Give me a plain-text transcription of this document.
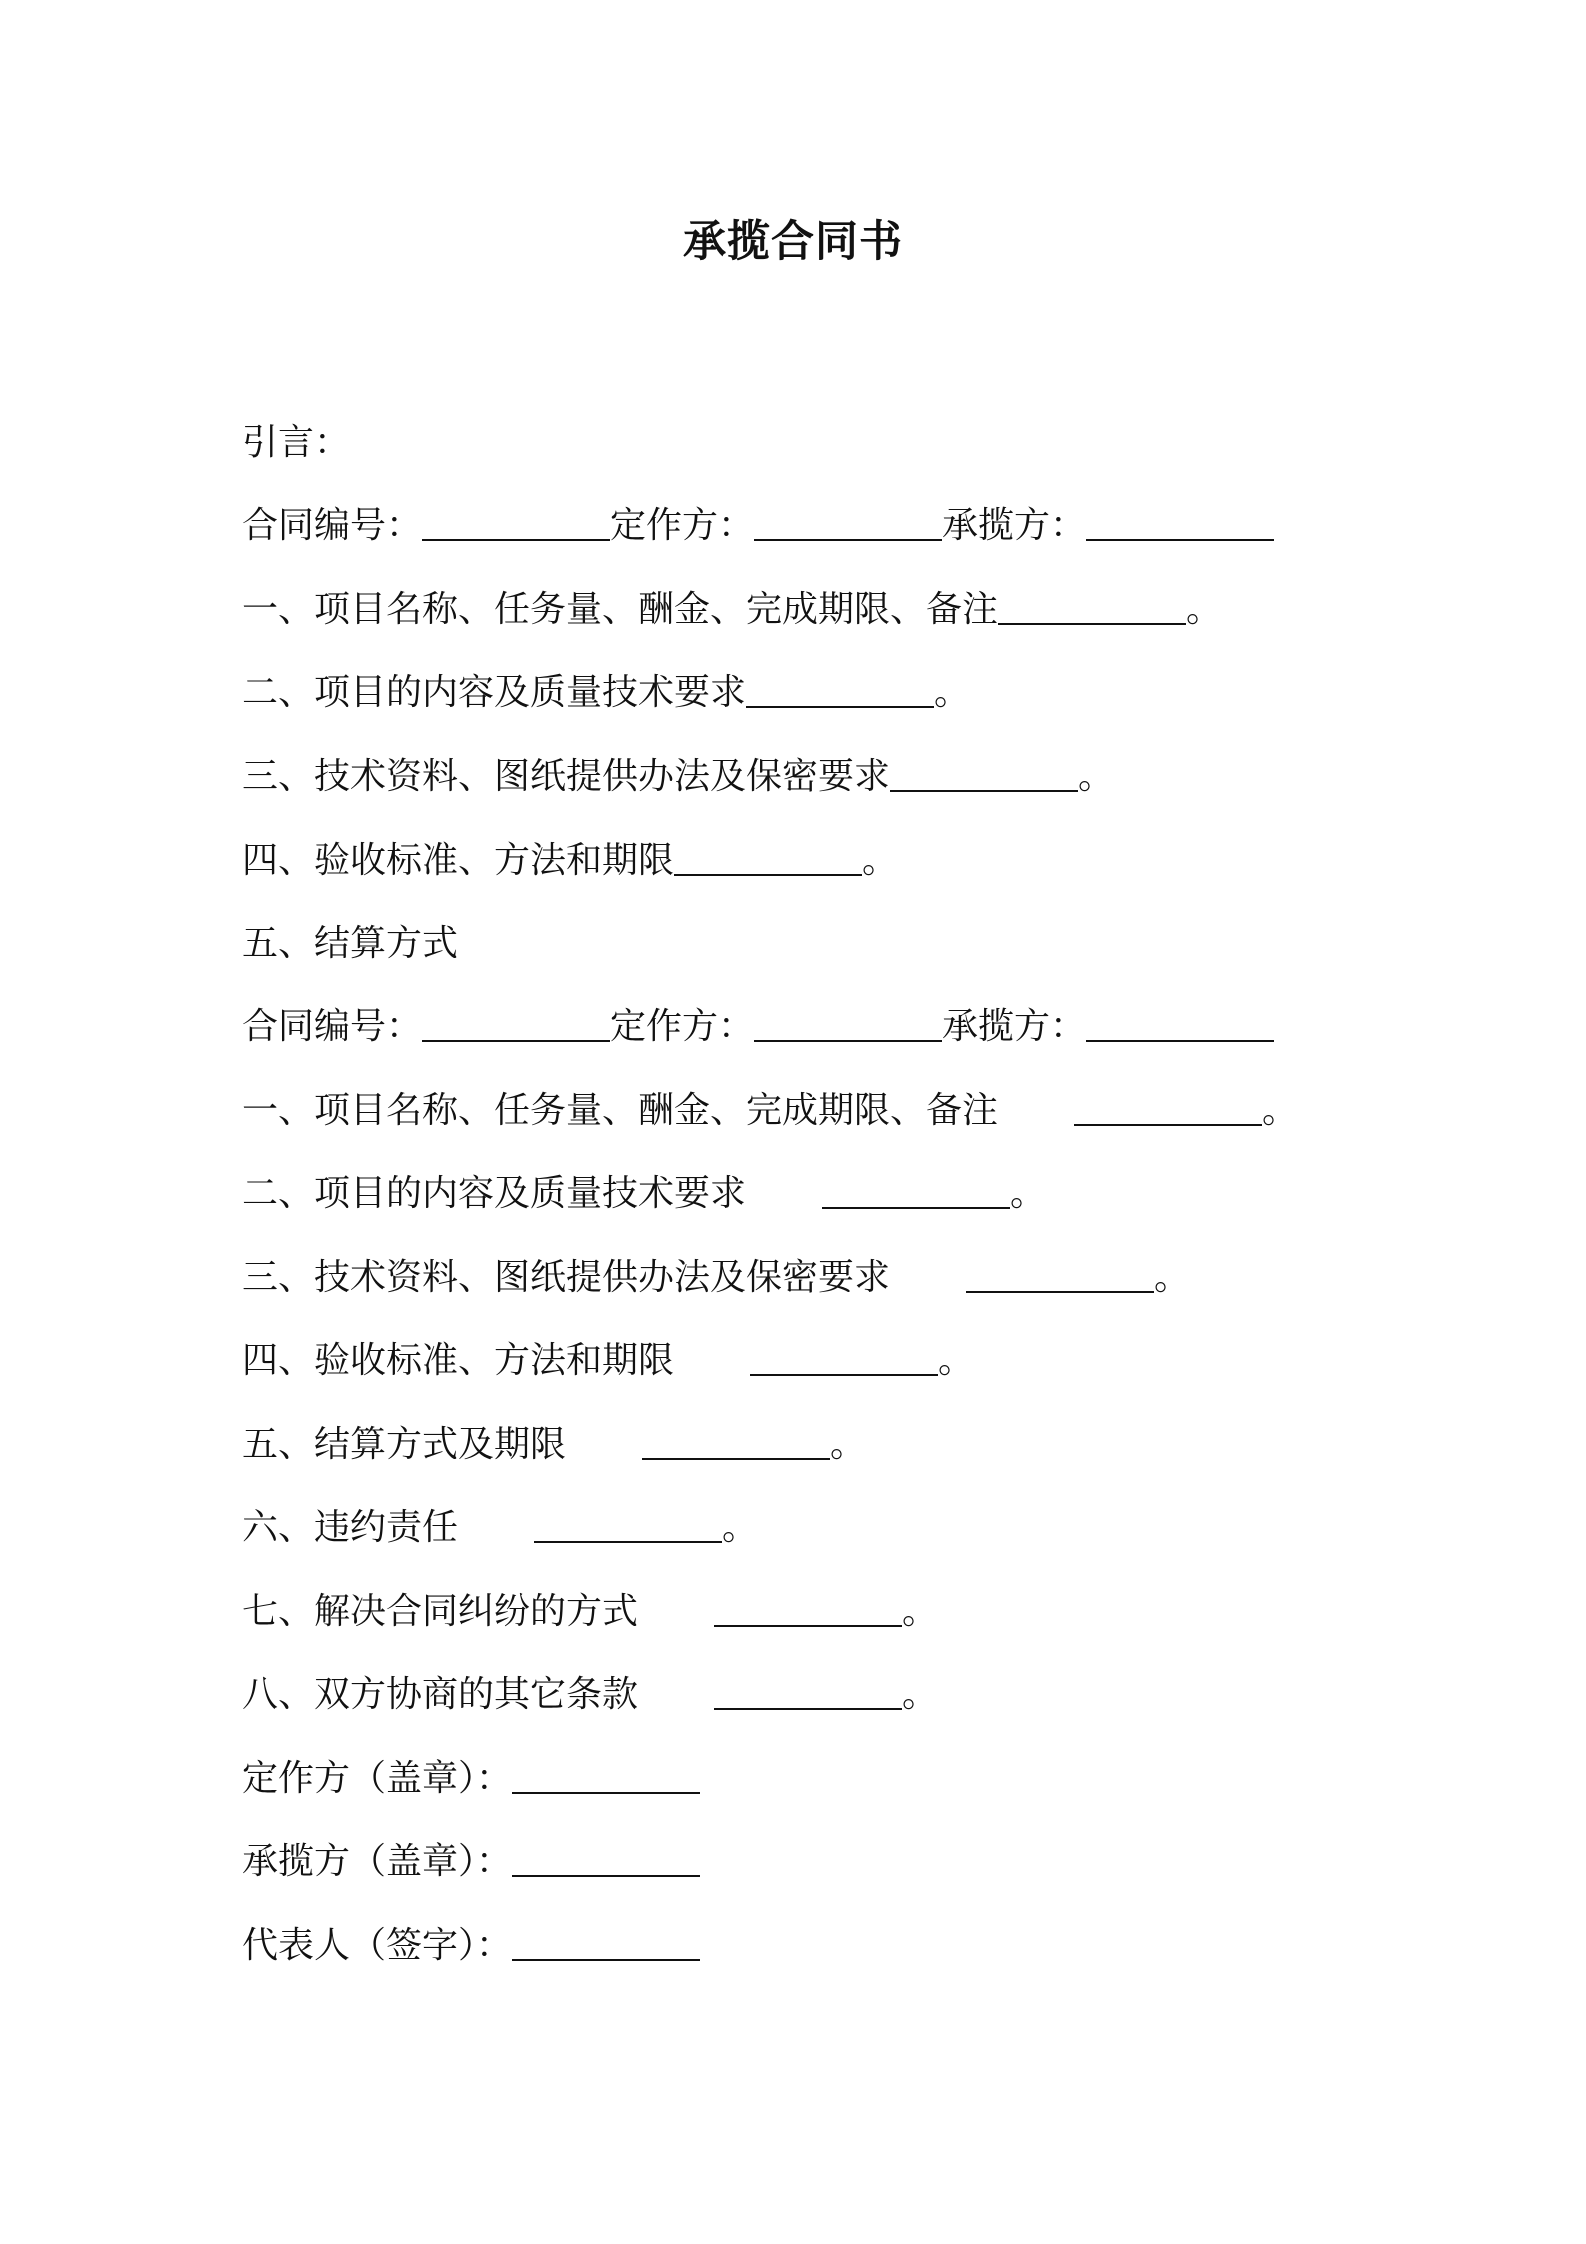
承揽合同书
引言：
合同编号：	定作方：	承揽方：
一、项目名称、任务量、酬金、完成期限、备注	。
二、项目的内容及质量技术要求	。
三、技术资料、图纸提供办法及保密要求	。
四、验收标准、方法和期限	。
五、结算方式
合同编号：	定作方：	承揽方：
一、项目名称、任务量、酬金、完成期限、备注	。
二、项目的内容及质量技术要求	。
三、技术资料、图纸提供办法及保密要求	。
四、验收标准、方法和期限	。
五、结算方式及期限	。
六、违约责任	。
七、解决合同纠纷的方式	。
八、双方协商的其它条款	。
定作方（盖章）：
承揽方（盖章）：
代表人（签字）：
